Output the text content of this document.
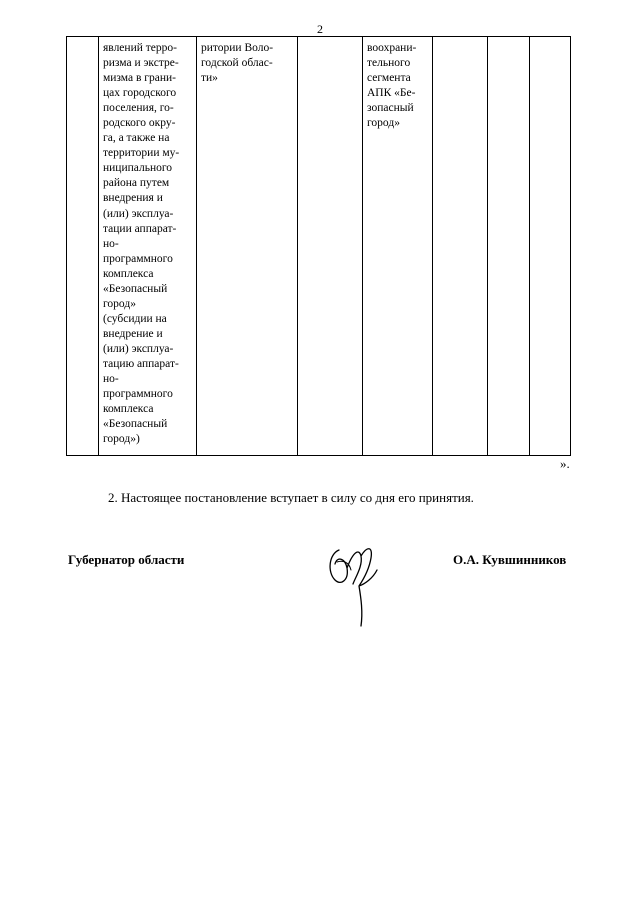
2
явлений терро-
ризма и экстре-
мизма в грани-
цах городского
поселения, го-
родского окру-
га, а также на
территории му-
ниципального
района путем
внедрения и
(или) эксплуа-
тации аппарат-
но-
программного
комплекса
«Безопасный
город»
(субсидии на
внедрение и
(или) эксплуа-
тацию аппарат-
но-
программного
комплекса
«Безопасный
город»)
ритории Воло-
годской облас-
ти»
воохрани-
тельного
сегмента
АПК «Бе-
зопасный
город»
».
2. Настоящее постановление вступает в силу со дня его принятия.
Губернатор области	О.А. Кувшинников
